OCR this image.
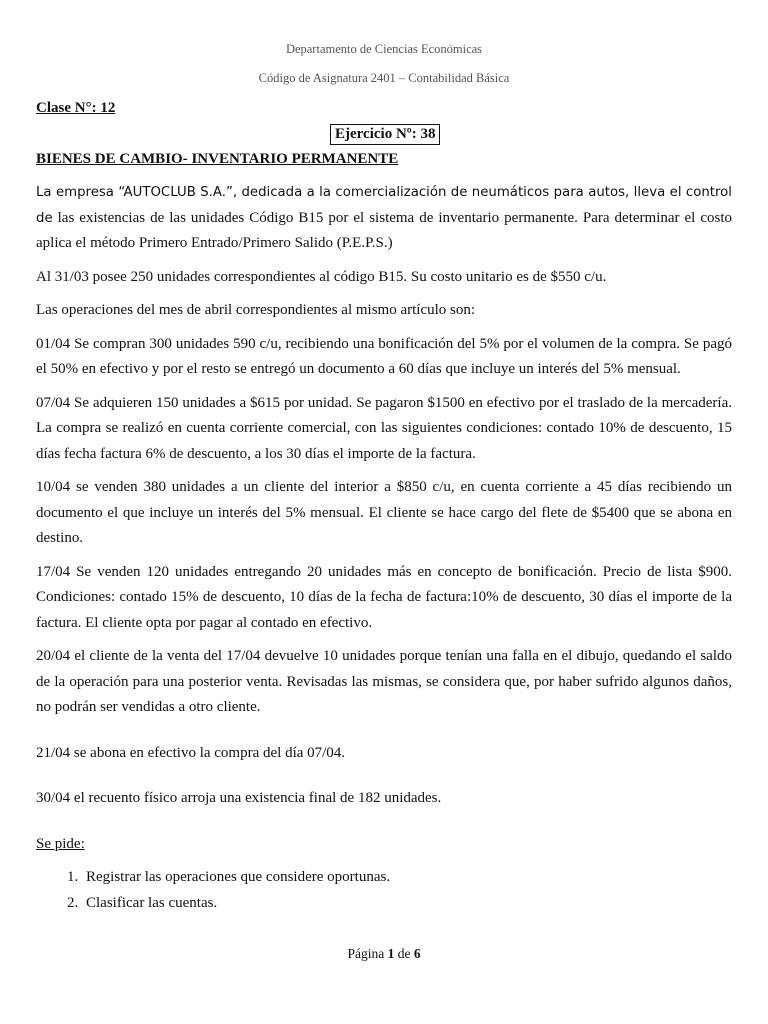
Departamento de Ciencias Económicas
Código de Asignatura 2401 – Contabilidad Básica
Clase N°: 12
Ejercicio Nº: 38
BIENES DE CAMBIO- INVENTARIO PERMANENTE

La empresa “AUTOCLUB S.A.”, dedicada a la comercialización de neumáticos para autos, lleva el control de las existencias de las unidades Código B15 por el sistema de inventario permanente. Para determinar el costo aplica el método Primero Entrado/Primero Salido (P.E.P.S.)

Al 31/03 posee 250 unidades correspondientes al código B15. Su costo unitario es de $550 c/u.

Las operaciones del mes de abril correspondientes al mismo artículo son:

01/04 Se compran 300 unidades 590 c/u, recibiendo una bonificación del 5% por el volumen de la compra. Se pagó el 50% en efectivo y por el resto se entregó un documento a 60 días que incluye un interés del 5% mensual.

07/04 Se adquieren 150 unidades a $615 por unidad. Se pagaron $1500 en efectivo por el traslado de la mercadería. La compra se realizó en cuenta corriente comercial, con las siguientes condiciones: contado 10% de descuento, 15 días fecha factura 6% de descuento, a los 30 días el importe de la factura.

10/04 se venden 380 unidades a un cliente del interior a $850 c/u, en cuenta corriente a 45 días recibiendo un documento el que incluye un interés del 5% mensual. El cliente se hace cargo del flete de $5400 que se abona en destino.

17/04 Se venden 120 unidades entregando 20 unidades más en concepto de bonificación. Precio de lista $900. Condiciones: contado 15% de descuento, 10 días de la fecha de factura:10% de descuento, 30 días el importe de la factura. El cliente opta por pagar al contado en efectivo.

20/04 el cliente de la venta del 17/04 devuelve 10 unidades porque tenían una falla en el dibujo, quedando el saldo de la operación para una posterior venta. Revisadas las mismas, se considera que, por haber sufrido algunos daños, no podrán ser vendidas a otro cliente.

21/04 se abona en efectivo la compra del día 07/04.

30/04 el recuento físico arroja una existencia final de 182 unidades.

Se pide:

1. Registrar las operaciones que considere oportunas.
2. Clasificar las cuentas.
Página 1 de 6
